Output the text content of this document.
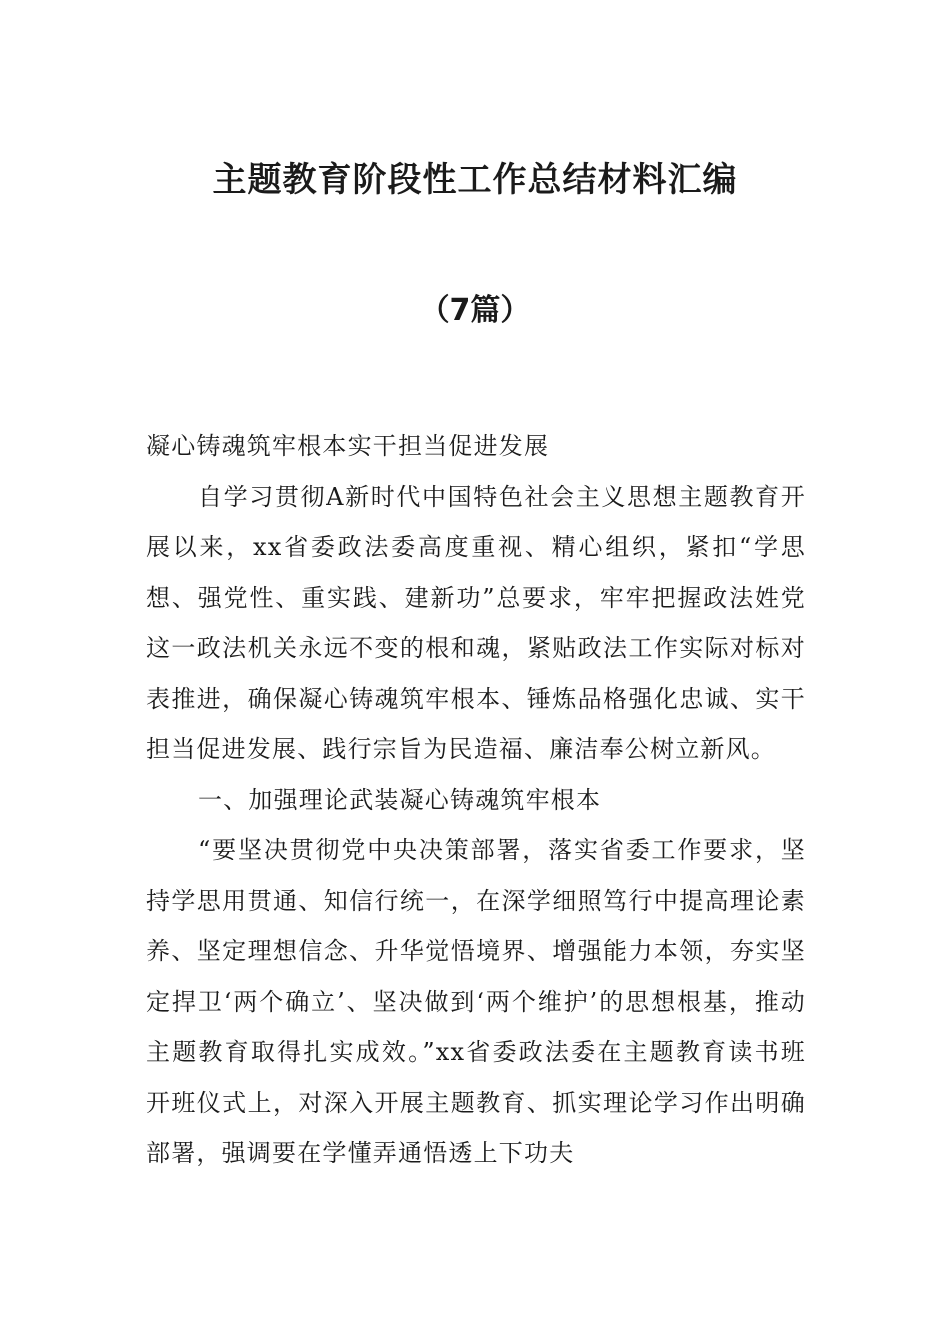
主题教育阶段性工作总结材料汇编
（7篇）

凝心铸魂筑牢根本实干担当促进发展

自学习贯彻A新时代中国特色社会主义思想主题教育开展以来，xx省委政法委高度重视、精心组织，紧扣“学思想、强党性、重实践、建新功”总要求，牢牢把握政法姓党这一政法机关永远不变的根和魂，紧贴政法工作实际对标对表推进，确保凝心铸魂筑牢根本、锤炼品格强化忠诚、实干担当促进发展、践行宗旨为民造福、廉洁奉公树立新风。

一、加强理论武装凝心铸魂筑牢根本

“要坚决贯彻党中央决策部署，落实省委工作要求，坚持学思用贯通、知信行统一，在深学细照笃行中提高理论素养、坚定理想信念、升华觉悟境界、增强能力本领，夯实坚定捍卫‘两个确立’、坚决做到‘两个维护’的思想根基，推动主题教育取得扎实成效。”xx省委政法委在主题教育读书班开班仪式上，对深入开展主题教育、抓实理论学习作出明确部署，强调要在学懂弄通悟透上下功夫
